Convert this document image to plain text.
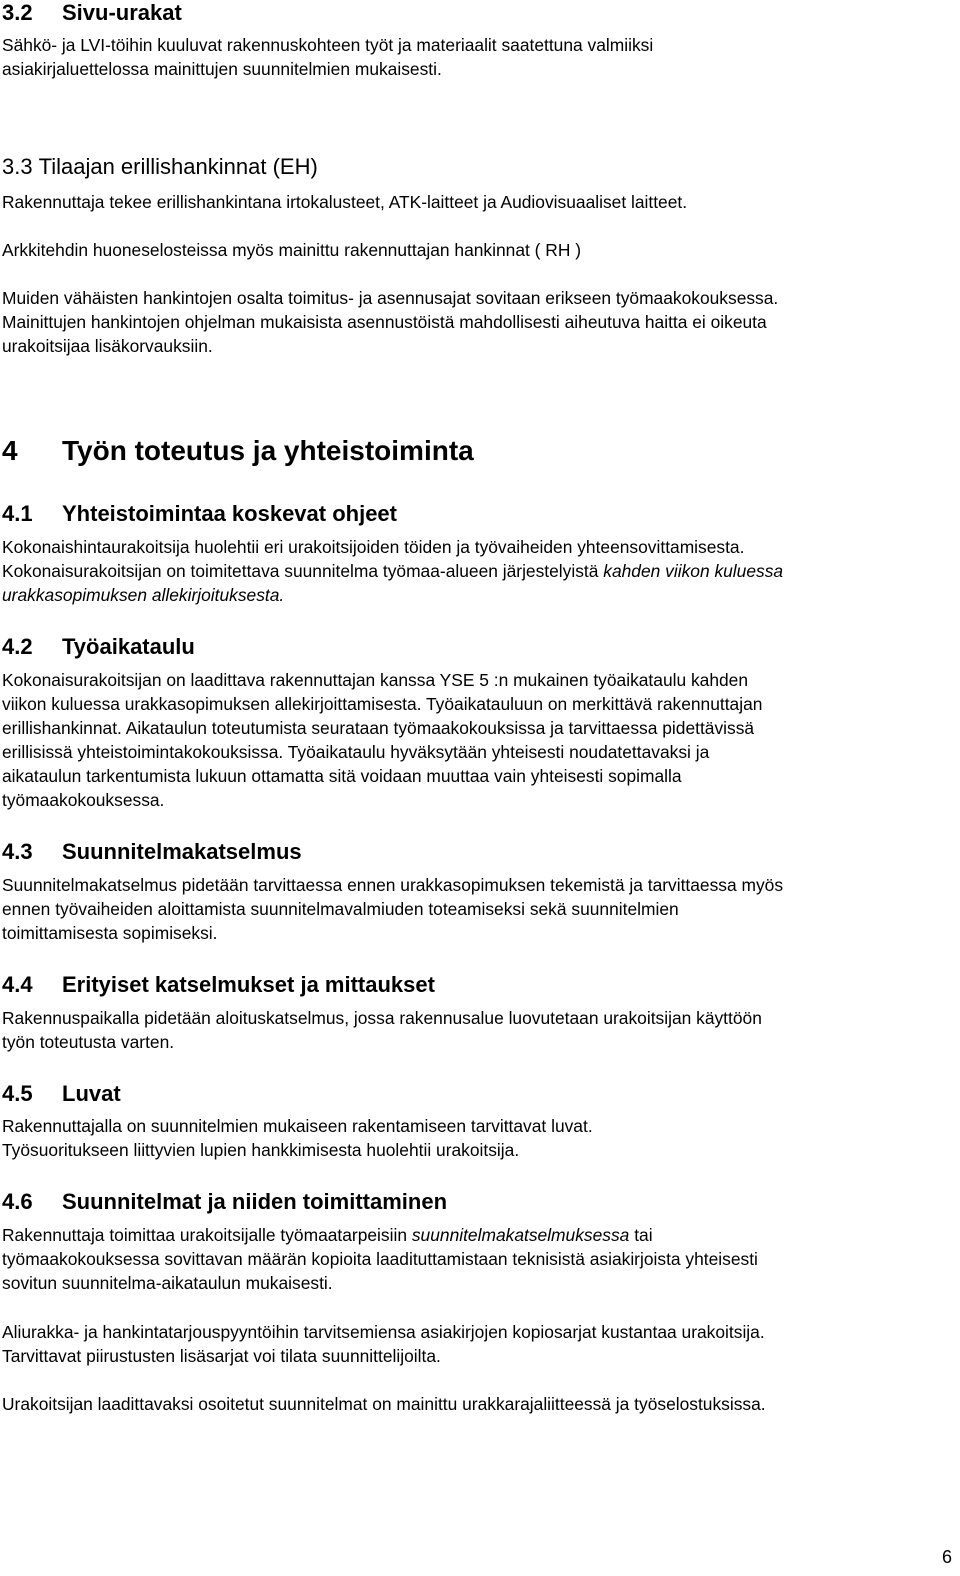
3.2 Sivu-urakat
Sähkö- ja LVI-töihin kuuluvat rakennuskohteen työt ja materiaalit saatettuna valmiiksi
asiakirjaluettelossa mainittujen suunnitelmien mukaisesti.
3.3 Tilaajan erillishankinnat (EH)
Rakennuttaja tekee erillishankintana irtokalusteet, ATK-laitteet ja Audiovisuaaliset laitteet.
Arkkitehdin huoneselosteissa myös mainittu rakennuttajan hankinnat ( RH )
Muiden vähäisten hankintojen osalta toimitus- ja asennusajat sovitaan erikseen työmaakokouksessa.
Mainittujen hankintojen ohjelman mukaisista asennustöistä mahdollisesti aiheutuva haitta ei oikeuta
urakoitsijaa lisäkorvauksiin.
4 Työn toteutus ja yhteistoiminta
4.1 Yhteistoimintaa koskevat ohjeet
Kokonaishintaurakoitsija huolehtii eri urakoitsijoiden töiden ja työvaiheiden yhteensovittamisesta.
Kokonaisurakoitsijan on toimitettava suunnitelma työmaa-alueen järjestelyistä kahden viikon kuluessa
urakkasopimuksen allekirjoituksesta.
4.2 Työaikataulu
Kokonaisurakoitsijan on laadittava rakennuttajan kanssa YSE 5 :n mukainen työaikataulu kahden
viikon kuluessa urakkasopimuksen allekirjoittamisesta. Työaikatauluun on merkittävä rakennuttajan
erillishankinnat. Aikataulun toteutumista seurataan työmaakokouksissa ja tarvittaessa pidettävissä
erillisissä yhteistoimintakokouksissa. Työaikataulu hyväksytään yhteisesti noudatettavaksi ja
aikataulun tarkentumista lukuun ottamatta sitä voidaan muuttaa vain yhteisesti sopimalla
työmaakokouksessa.
4.3 Suunnitelmakatselmus
Suunnitelmakatselmus pidetään tarvittaessa ennen urakkasopimuksen tekemistä ja tarvittaessa myös
ennen työvaiheiden aloittamista suunnitelmavalmiuden toteamiseksi sekä suunnitelmien
toimittamisesta sopimiseksi.
4.4 Erityiset katselmukset ja mittaukset
Rakennuspaikalla pidetään aloituskatselmus, jossa rakennusalue luovutetaan urakoitsijan käyttöön
työn toteutusta varten.
4.5 Luvat
Rakennuttajalla on suunnitelmien mukaiseen rakentamiseen tarvittavat luvat.
Työsuoritukseen liittyvien lupien hankkimisesta huolehtii urakoitsija.
4.6 Suunnitelmat ja niiden toimittaminen
Rakennuttaja toimittaa urakoitsijalle työmaatarpeisiin suunnitelmakatselmuksessa tai
työmaakokouksessa sovittavan määrän kopioita laadituttamistaan teknisistä asiakirjoista yhteisesti
sovitun suunnitelma-aikataulun mukaisesti.
Aliurakka- ja hankintatarjouspyyntöihin tarvitsemiensa asiakirjojen kopiosarjat kustantaa urakoitsija.
Tarvittavat piirustusten lisäsarjat voi tilata suunnittelijoilta.
Urakoitsijan laadittavaksi osoitetut suunnitelmat on mainittu urakkarajaliitteessä ja työselostuksissa.
6
